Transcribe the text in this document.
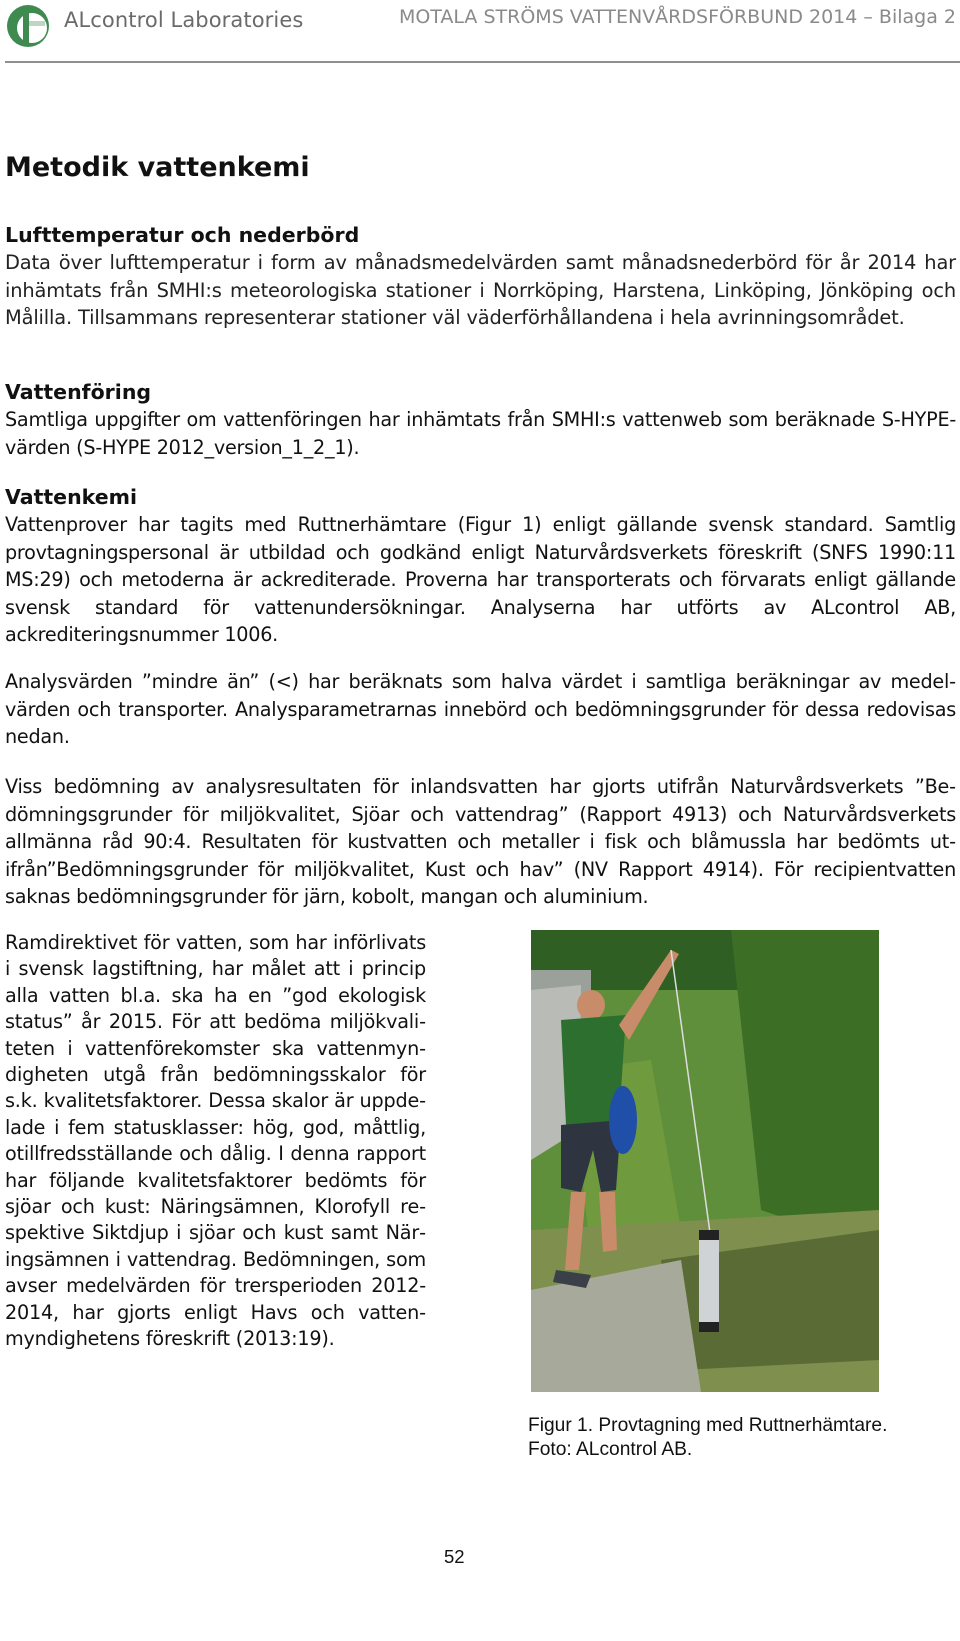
ALcontrol Laboratories	MOTALA STRÖMS VATTENVÅRDSFÖRBUND 2014 – Bilaga 2
Metodik vattenkemi
Lufttemperatur och nederbörd
Data över lufttemperatur i form av månadsmedelvärden samt månadsnederbörd för år 2014 har inhämtats från SMHI:s meteorologiska stationer i Norrköping, Harstena, Linköping, Jönköping och Målilla. Tillsammans representerar stationer väl väderförhållandena i hela avrinningsområdet.
Vattenföring
Samtliga uppgifter om vattenföringen har inhämtats från SMHI:s vattenweb som beräknade S-​HYPE-värden (S-HYPE 2012_version_1_2_1).
Vattenkemi
Vattenprover har tagits med Ruttnerhämtare (Figur 1) enligt gällande svensk standard. Samtlig provtagningspersonal är utbildad och godkänd enligt Naturvårdsverkets föreskrift (SNFS 1990:11 MS:29) och metoderna är ackrediterade. Proverna har transporterats och förvarats enligt gällande svensk standard för vattenundersökningar. Analyserna har utförts av ALcontrol AB, ackrediteringsnummer 1006.
Analysvärden ”mindre än” (<) har beräknats som halva värdet i samtliga beräkningar av medelvärden och transporter. Analysparametrarnas innebörd och bedömningsgrunder för dessa redovisas nedan.
Viss bedömning av analysresultaten för inlandsvatten har gjorts utifrån Naturvårdsverkets ”Bedömningsgrunder för miljökvalitet, Sjöar och vattendrag” (Rapport 4913) och Naturvårdsverkets allmänna råd 90:4. Resultaten för kustvatten och metaller i fisk och blåmussla har bedömts utifrån”Bedömningsgrunder för miljökvalitet, Kust och hav” (NV Rapport 4914). För recipientvatten saknas bedömningsgrunder för järn, kobolt, mangan och aluminium.
Ramdirektivet för vatten, som har införlivats i svensk lagstiftning, har målet att i princip alla vatten bl.a. ska ha en ”god ekologisk status” år 2015. För att bedöma miljökvaliteten i vattenförekomster ska vattenmyndigheten utgå från bedömningsskalor för s.k. kvalitetsfaktorer. Dessa skalor är uppdelade i fem statusklasser: hög, god, måttlig, otillfredsställande och dålig. I denna rapport har följande kvalitetsfaktorer bedömts för sjöar och kust: Näringsämnen, Klorofyll respektive Siktdjup i sjöar och kust samt Näringsämnen i vattendrag. Bedömningen, som avser medelvärden för trersperioden 2012-​2014, har gjorts enligt Havs och vattenmyndighetens föreskrift (2013:19).
Figur 1. Provtagning med Ruttnerhämtare.
Foto: ALcontrol AB.
52
